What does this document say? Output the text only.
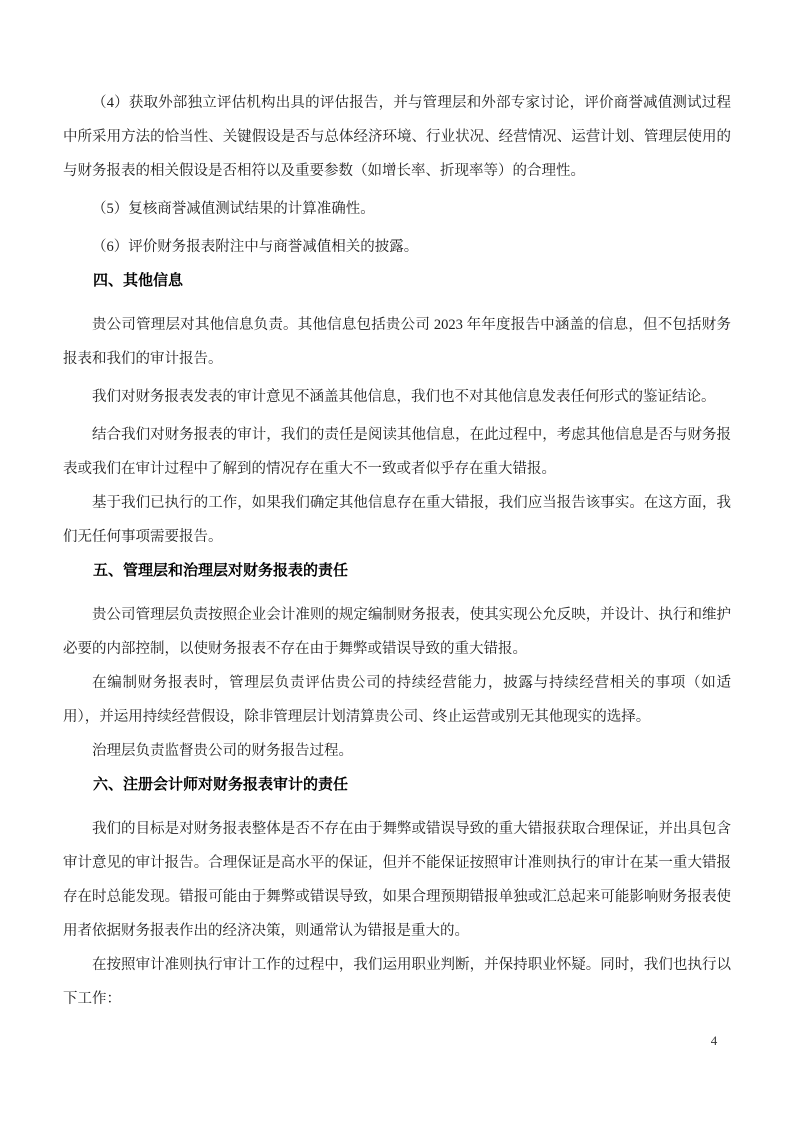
（4）获取外部独立评估机构出具的评估报告，并与管理层和外部专家讨论，评价商誉减值测试过程中所采用方法的恰当性、关键假设是否与总体经济环境、行业状况、经营情况、运营计划、管理层使用的与财务报表的相关假设是否相符以及重要参数（如增长率、折现率等）的合理性。

（5）复核商誉减值测试结果的计算准确性。

（6）评价财务报表附注中与商誉减值相关的披露。

四、其他信息

贵公司管理层对其他信息负责。其他信息包括贵公司 2023 年年度报告中涵盖的信息，但不包括财务报表和我们的审计报告。

我们对财务报表发表的审计意见不涵盖其他信息，我们也不对其他信息发表任何形式的鉴证结论。

结合我们对财务报表的审计，我们的责任是阅读其他信息，在此过程中，考虑其他信息是否与财务报表或我们在审计过程中了解到的情况存在重大不一致或者似乎存在重大错报。

基于我们已执行的工作，如果我们确定其他信息存在重大错报，我们应当报告该事实。在这方面，我们无任何事项需要报告。

五、管理层和治理层对财务报表的责任

贵公司管理层负责按照企业会计准则的规定编制财务报表，使其实现公允反映，并设计、执行和维护必要的内部控制，以使财务报表不存在由于舞弊或错误导致的重大错报。

在编制财务报表时，管理层负责评估贵公司的持续经营能力，披露与持续经营相关的事项（如适用），并运用持续经营假设，除非管理层计划清算贵公司、终止运营或别无其他现实的选择。

治理层负责监督贵公司的财务报告过程。

六、注册会计师对财务报表审计的责任

我们的目标是对财务报表整体是否不存在由于舞弊或错误导致的重大错报获取合理保证，并出具包含审计意见的审计报告。合理保证是高水平的保证，但并不能保证按照审计准则执行的审计在某一重大错报存在时总能发现。错报可能由于舞弊或错误导致，如果合理预期错报单独或汇总起来可能影响财务报表使用者依据财务报表作出的经济决策，则通常认为错报是重大的。

在按照审计准则执行审计工作的过程中，我们运用职业判断，并保持职业怀疑。同时，我们也执行以下工作：

4
